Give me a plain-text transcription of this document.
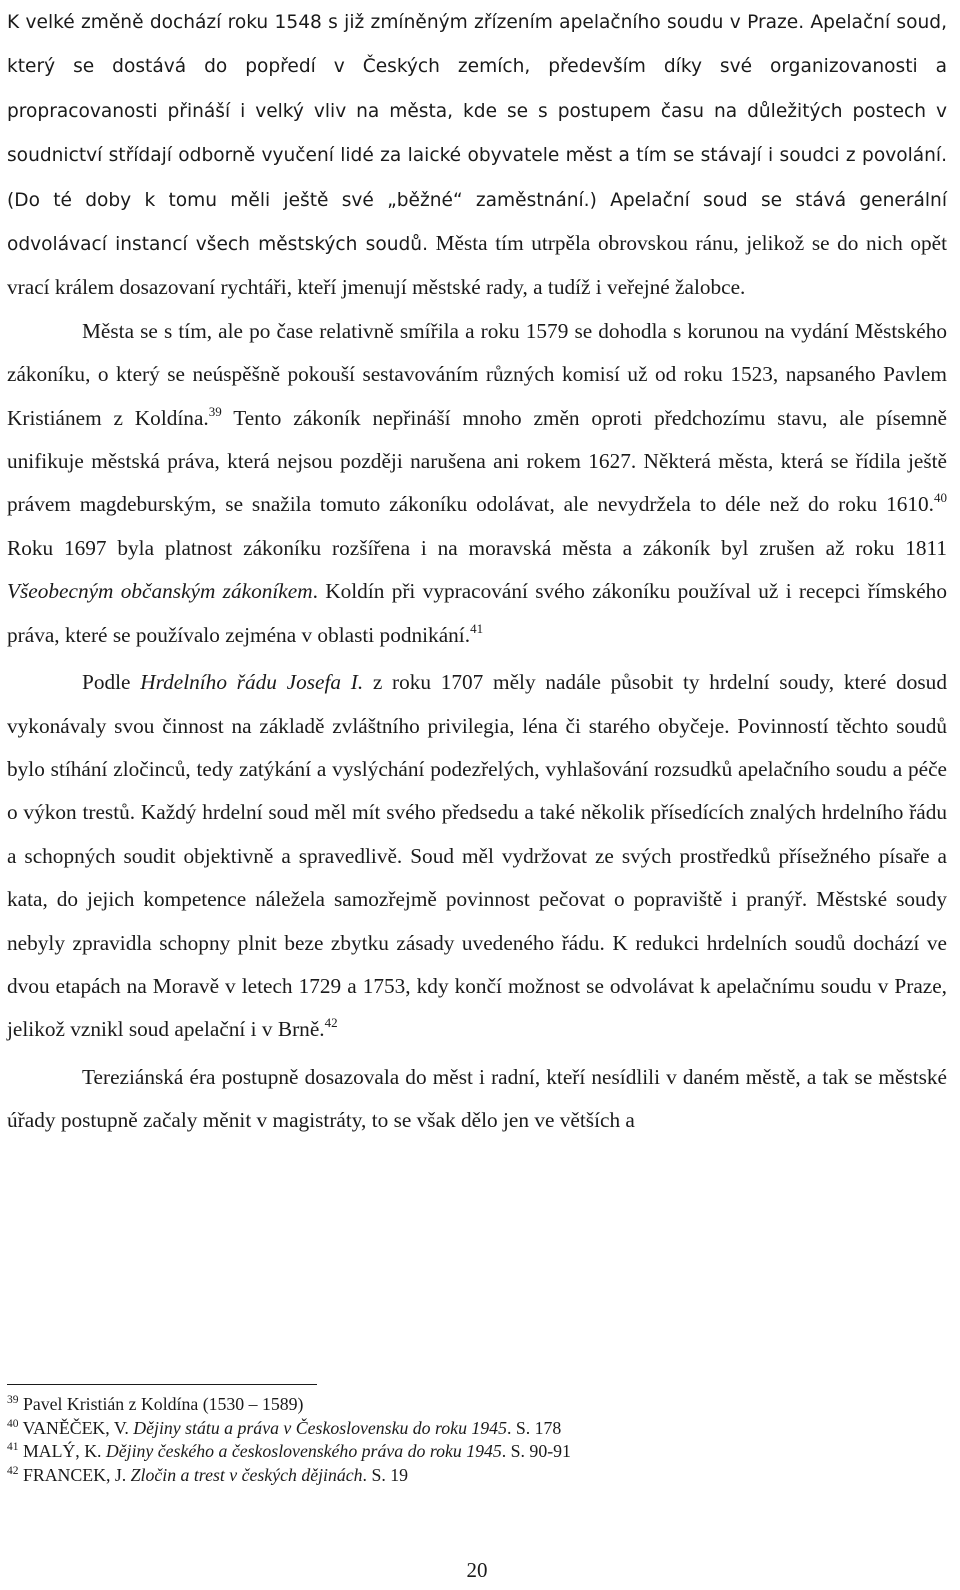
K velké změně dochází roku 1548 s již zmíněným zřízením apelačního soudu v Praze. Apelační soud, který se dostává do popředí v Českých zemích, především díky své organizovanosti a propracovanosti přináší i velký vliv na města, kde se s postupem času na důležitých postech v soudnictví střídají odborně vyučení lidé za laické obyvatele měst a tím se stávají i soudci z povolání. (Do té doby k tomu měli ještě své „běžné“ zaměstnání.) Apelační soud se stává generální odvolávací instancí všech městských soudů. Města tím utrpěla obrovskou ránu, jelikož se do nich opět vrací králem dosazovaní rychtáři, kteří jmenují městské rady, a tudíž i veřejné žalobce.

Města se s tím, ale po čase relativně smířila a roku 1579 se dohodla s korunou na vydání Městského zákoníku, o který se neúspěšně pokouší sestavováním různých komisí už od roku 1523, napsaného Pavlem Kristiánem z Koldína.$^{39}$ Tento zákoník nepřináší mnoho změn oproti předchozímu stavu, ale písemně unifikuje městská práva, která nejsou později narušena ani rokem 1627. Některá města, která se řídila ještě právem magdeburským, se snažila tomuto zákoníku odolávat, ale nevydržela to déle než do roku 1610.40 Roku 1697 byla platnost zákoníku rozšířena i na moravská města a zákoník byl zrušen až roku 1811 Všeobecným občanským zákoníkem. Koldín při vypracování svého zákoníku používal už i recepci římského práva, které se používalo zejména v oblasti podnikání.$^{41}$

Podle Hrdelního řádu Josefa I. z roku 1707 měly nadále působit ty hrdelní soudy, které dosud vykonávaly svou činnost na základě zvláštního privilegia, léna či starého obyčeje. Povinností těchto soudů bylo stíhání zločinců, tedy zatýkání a vyslýchání podezřelých, vyhlašování rozsudků apelačního soudu a péče o výkon trestů. Každý hrdelní soud měl mít svého předsedu a také několik přísedících znalých hrdelního řádu a schopných soudit objektivně a spravedlivě. Soud měl vydržovat ze svých prostředků přísežného písaře a kata, do jejich kompetence náležela samozřejmě povinnost pečovat o popraviště i pranýř. Městské soudy nebyly zpravidla schopny plnit beze zbytku zásady uvedeného řádu. K redukci hrdelních soudů dochází ve dvou etapách na Moravě v letech 1729 a 1753, kdy končí možnost se odvolávat k apelačnímu soudu v Praze, jelikož vznikl soud apelační i v Brně.$^{42}$

Tereziánská éra postupně dosazovala do měst i radní, kteří nesídlili v daném městě, a tak se městské úřady postupně začaly měnit v magistráty, to se však dělo jen ve větších a

$^{39}$ Pavel Kristián z Koldína (1530 – 1589)

$^{40}$ VANĚČEK, V. Dějiny státu a práva v Československu do roku 1945. S. 178

$^{41}$ MALÝ, K. Dějiny českého a československého práva do roku 1945. S. 90-91

$^{42}$ FRANCEK, J. Zločin a trest v českých dějinách. S. 19

20
